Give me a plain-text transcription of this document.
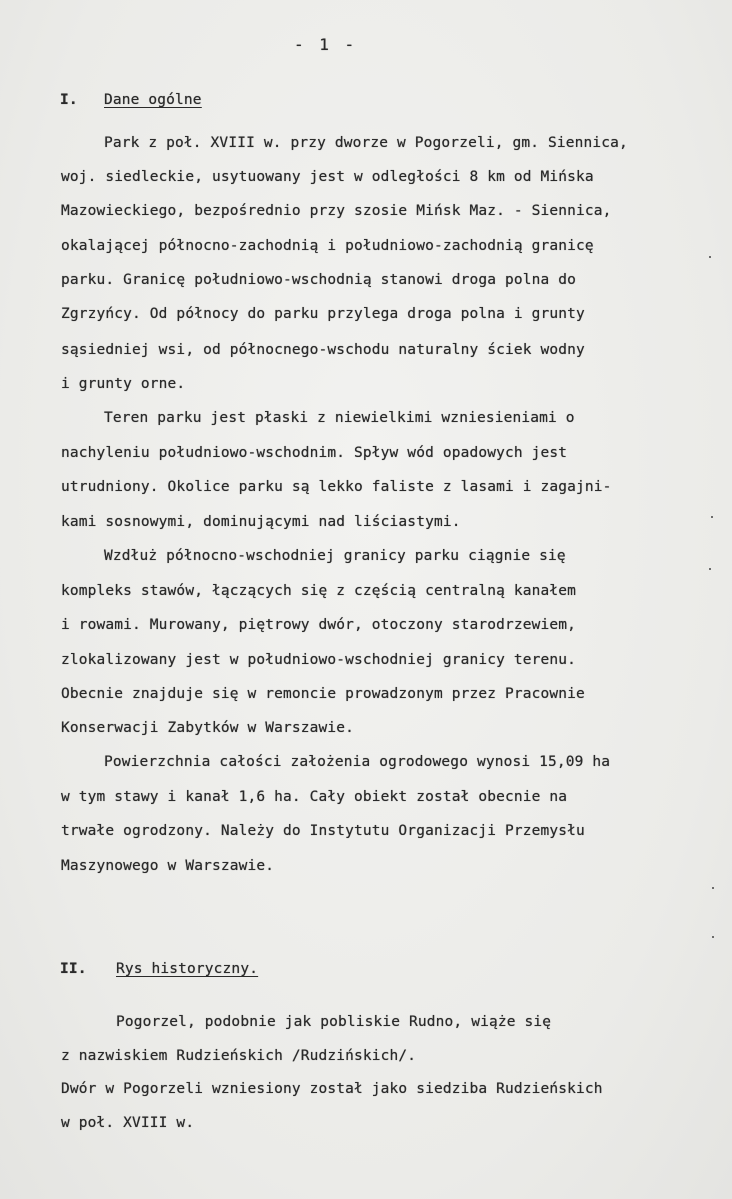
- 1 -
I. Dane ogólne
Park z poł. XVIII w. przy dworze w Pogorzeli, gm. Siennica,
woj. siedleckie, usytuowany jest w odległości 8 km od Mińska
Mazowieckiego, bezpośrednio przy szosie Mińsk Maz. - Siennica,
okalającej północno-zachodnią i południowo-zachodnią granicę
parku. Granicę południowo-wschodnią stanowi droga polna do
Zgrzyńcy. Od północy do parku przylega droga polna i grunty
sąsiedniej wsi, od północnego-wschodu naturalny ściek wodny
i grunty orne.
Teren parku jest płaski z niewielkimi wzniesieniami o
nachyleniu południowo-wschodnim. Spływ wód opadowych jest
utrudniony. Okolice parku są lekko faliste z lasami i zagajni-
kami sosnowymi, dominującymi nad liściastymi.
Wzdłuż północno-wschodniej granicy parku ciągnie się
kompleks stawów, łączących się z częścią centralną kanałem
i rowami. Murowany, piętrowy dwór, otoczony starodrzewiem,
zlokalizowany jest w południowo-wschodniej granicy terenu.
Obecnie znajduje się w remoncie prowadzonym przez Pracownie
Konserwacji Zabytków w Warszawie.
Powierzchnia całości założenia ogrodowego wynosi 15,09 ha
w tym stawy i kanał 1,6 ha. Cały obiekt został obecnie na
trwałe ogrodzony. Należy do Instytutu Organizacji Przemysłu
Maszynowego w Warszawie.
II. Rys historyczny.
Pogorzel, podobnie jak pobliskie Rudno, wiąże się
z nazwiskiem Rudzieńskich /Rudzińskich/.
Dwór w Pogorzeli wzniesiony został jako siedziba Rudzieńskich
w poł. XVIII w.
